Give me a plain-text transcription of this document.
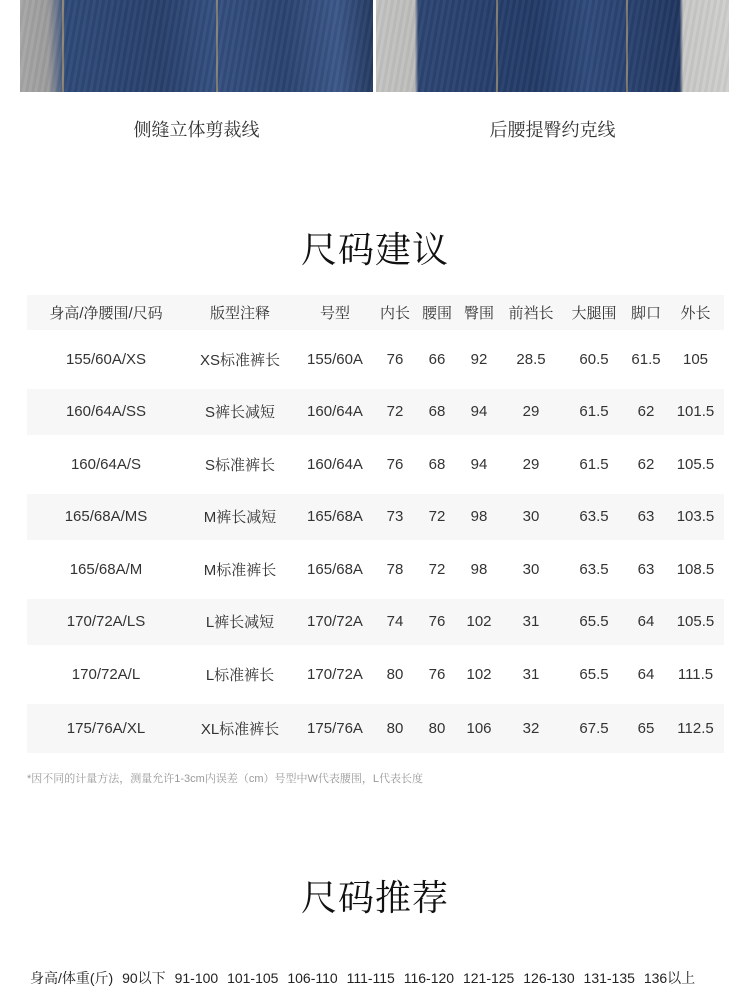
侧缝立体剪裁线	后腰提臀约克线
尺码建议
身高/净腰围/尺码	版型注释	号型	内长	腰围	臀围	前裆长	大腿围	脚口	外长
155/60A/XS	XS标准裤长	155/60A	76	66	92	28.5	60.5	61.5	105
160/64A/SS	S裤长减短	160/64A	72	68	94	29	61.5	62	101.5
160/64A/S	S标准裤长	160/64A	76	68	94	29	61.5	62	105.5
165/68A/MS	M裤长减短	165/68A	73	72	98	30	63.5	63	103.5
165/68A/M	M标准裤长	165/68A	78	72	98	30	63.5	63	108.5
170/72A/LS	L裤长减短	170/72A	74	76	102	31	65.5	64	105.5
170/72A/L	L标准裤长	170/72A	80	76	102	31	65.5	64	111.5
175/76A/XL	XL标准裤长	175/76A	80	80	106	32	67.5	65	112.5
*因不同的计量方法，测量允许1-3cm内误差（cm）号型中W代表腰围，L代表长度
尺码推荐
身高/体重(斤) 90以下 91-100 101-105 106-110 111-115 116-120 121-125 126-130 131-135 136以上
